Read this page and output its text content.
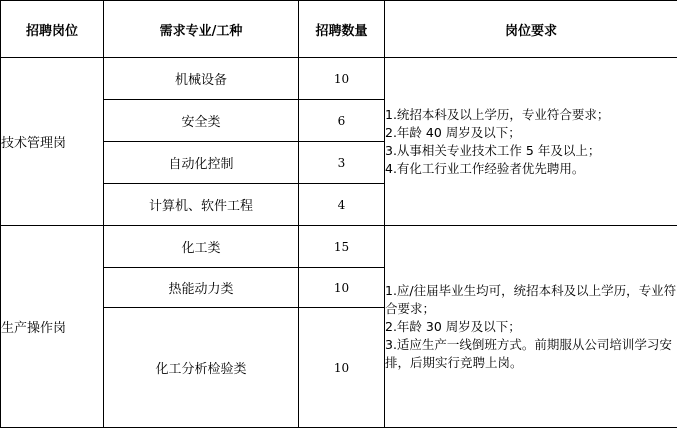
招聘岗位	需求专业/工种	招聘数量	岗位要求
技术管理岗	机械设备	10	1.统招本科及以上学历，专业符合要求；
2.年龄 40 周岁及以下；
3.从事相关专业技术工作 5 年及以上；
4.有化工行业工作经验者优先聘用。

	安全类	6	
	自动化控制	3	
	计算机、软件工程	4	
生产操作岗	化工类	15	1.应/往届毕业生均可，统招本科及以上学历，专业符合要求；
2.年龄 30 周岁及以下；
3.适应生产一线倒班方式。前期服从公司培训学习安排，后期实行竞聘上岗。

	热能动力类	10	
	化工分析检验类	10	
